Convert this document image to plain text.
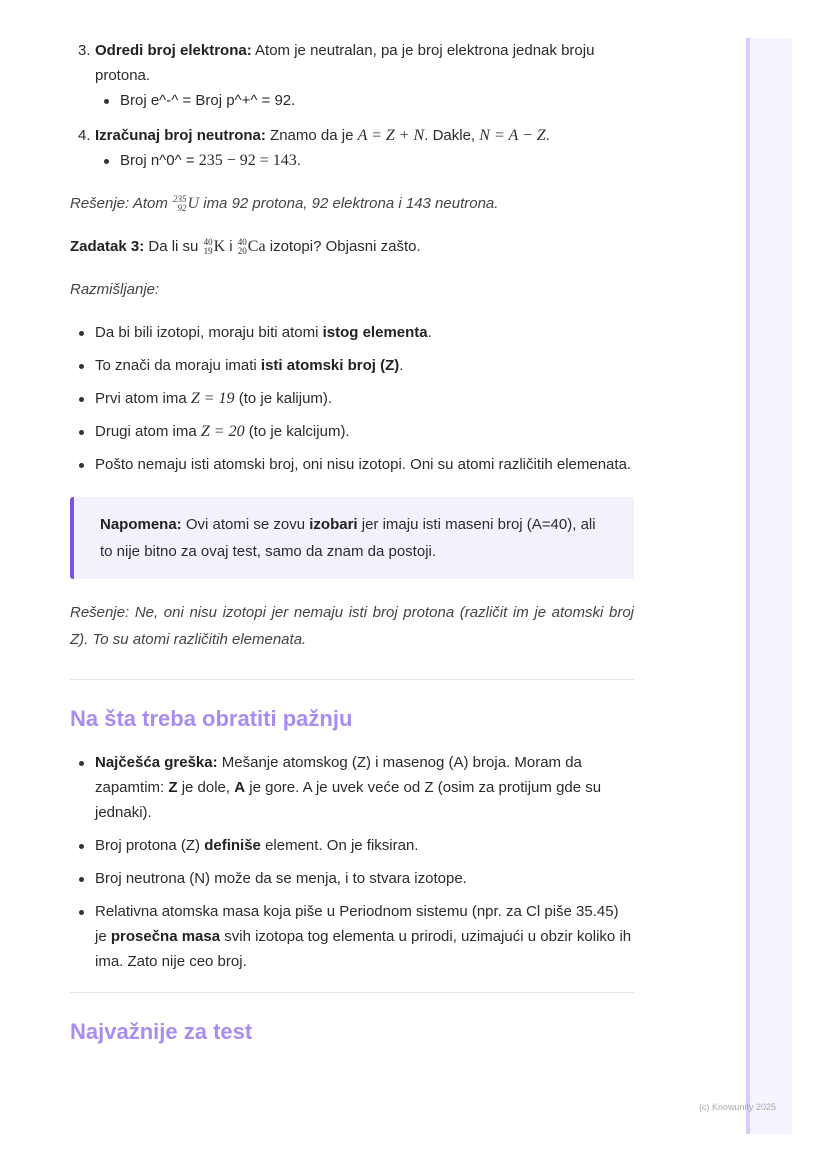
3. Odredi broj elektrona: Atom je neutralan, pa je broj elektrona jednak broju protona.
Broj e^-^ = Broj p^+^ = 92.
4. Izračunaj broj neutrona: Znamo da je A = Z + N. Dakle, N = A − Z.
Broj n^0^ = 235 − 92 = 143.

Rešenje: Atom 235
92 U ima 92 protona, 92 elektrona i 143 neutrona.

Zadatak 3: Da li su 40
19 K i 40
20 Ca izotopi? Objasni zašto.

Razmišljanje:

Da bi bili izotopi, moraju biti atomi istog elementa.
To znači da moraju imati isti atomski broj (Z).
Prvi atom ima Z = 19 (to je kalijum).
Drugi atom ima Z = 20 (to je kalcijum).
Pošto nemaju isti atomski broj, oni nisu izotopi. Oni su atomi različitih elemenata.

Napomena: Ovi atomi se zovu izobari jer imaju isti maseni broj (A=40), ali to nije bitno za ovaj test, samo da znam da postoji.

Rešenje: Ne, oni nisu izotopi jer nemaju isti broj protona (različit im je atomski broj Z). To su atomi različitih elemenata.

Na šta treba obratiti pažnju
Najčešća greška: Mešanje atomskog (Z) i masenog (A) broja. Moram da zapamtim: Z je dole, A je gore. A je uvek veće od Z (osim za protijum gde su jednaki).
Broj protona (Z) definiše element. On je fiksiran.
Broj neutrona (N) može da se menja, i to stvara izotope.
Relativna atomska masa koja piše u Periodnom sistemu (npr. za Cl piše 35.45) je prosečna masa svih izotopa tog elementa u prirodi, uzimajući u obzir koliko ih ima. Zato nije ceo broj.
Najvažnije za test
(c) Knowunity 2025
